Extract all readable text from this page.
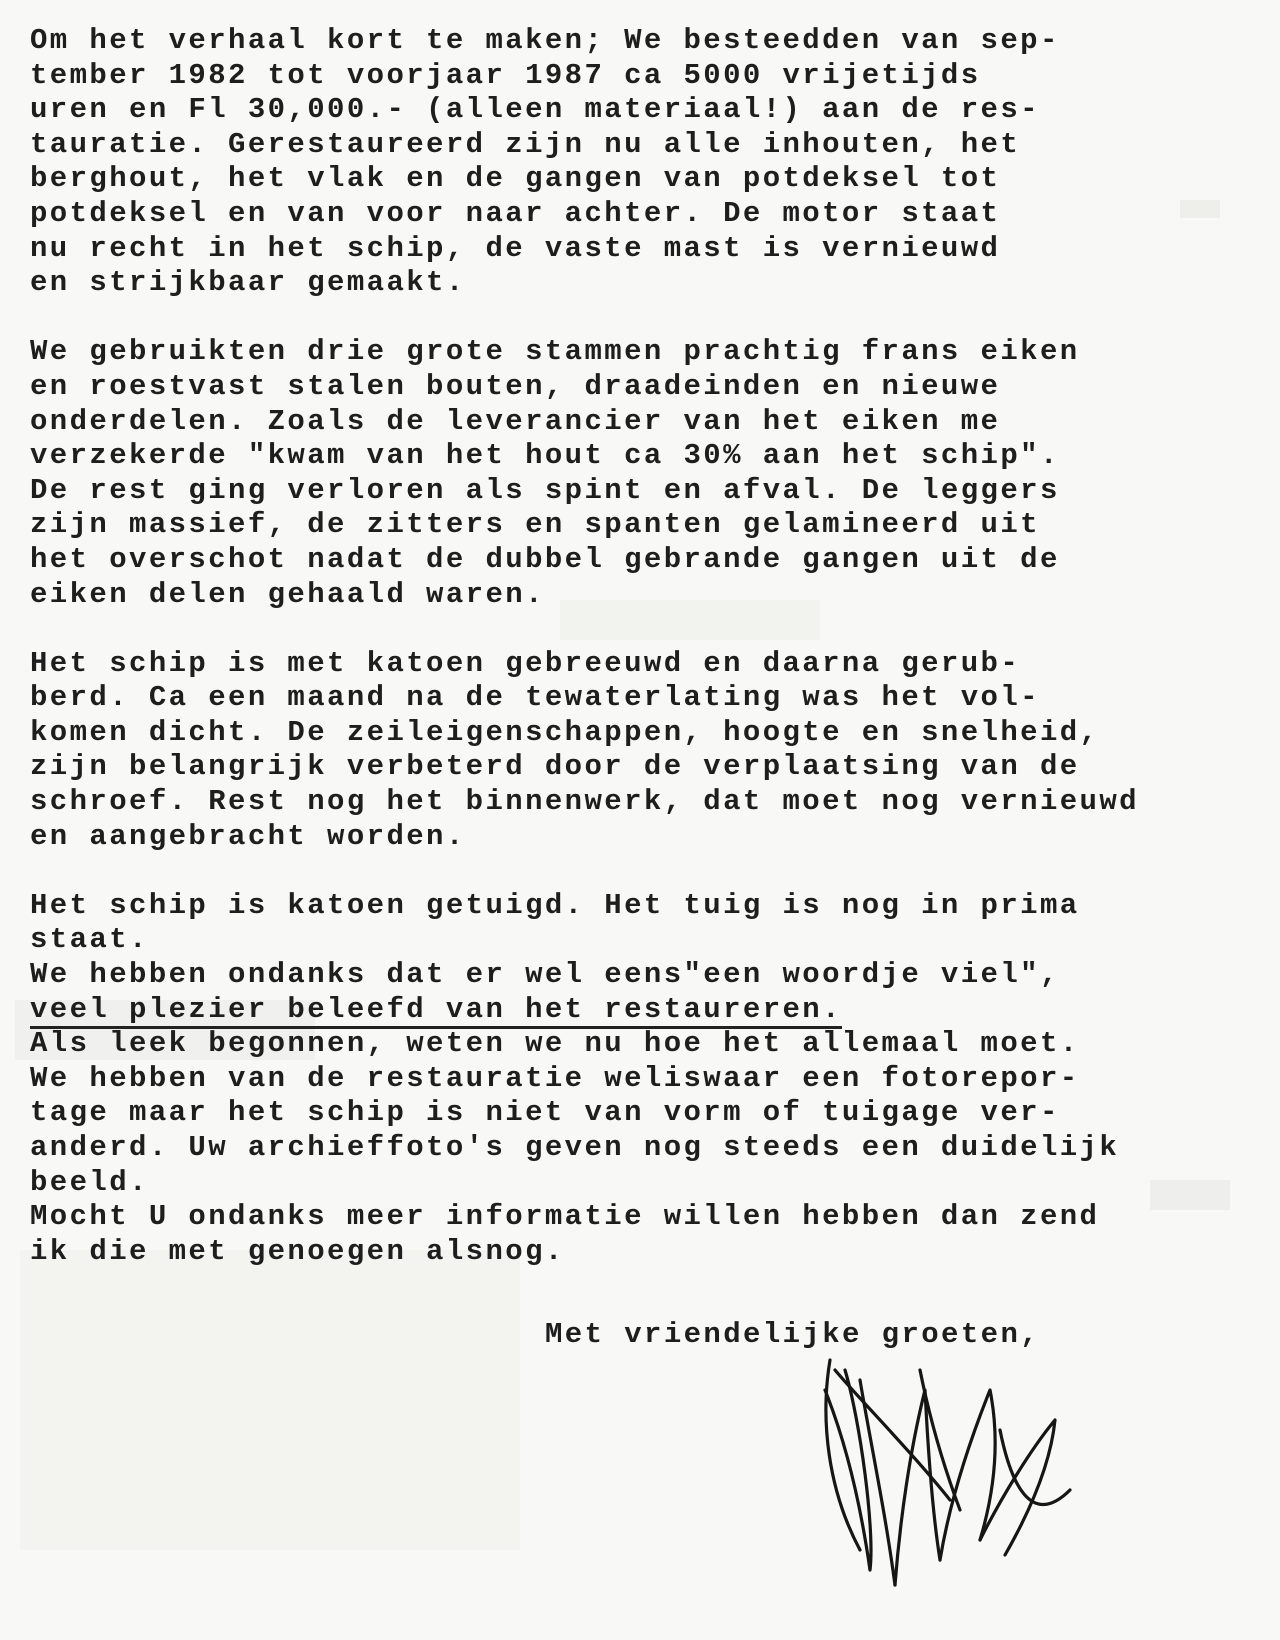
Om het verhaal kort te maken; We besteedden van sep-
tember 1982 tot voorjaar 1987 ca 5000 vrijetijds
uren en Fl 30,000.- (alleen materiaal!) aan de res-
tauratie. Gerestaureerd zijn nu alle inhouten, het
berghout, het vlak en de gangen van potdeksel tot
potdeksel en van voor naar achter. De motor staat
nu recht in het schip, de vaste mast is vernieuwd
en strijkbaar gemaakt.
We gebruikten drie grote stammen prachtig frans eiken
en roestvast stalen bouten, draadeinden en nieuwe
onderdelen. Zoals de leverancier van het eiken me
verzekerde "kwam van het hout ca 30% aan het schip".
De rest ging verloren als spint en afval. De leggers
zijn massief, de zitters en spanten gelamineerd uit
het overschot nadat de dubbel gebrande gangen uit de
eiken delen gehaald waren.
Het schip is met katoen gebreeuwd en daarna gerub-
berd. Ca een maand na de tewaterlating was het vol-
komen dicht. De zeileigenschappen, hoogte en snelheid,
zijn belangrijk verbeterd door de verplaatsing van de
schroef. Rest nog het binnenwerk, dat moet nog vernieuwd
en aangebracht worden.
Het schip is katoen getuigd. Het tuig is nog in prima
staat.
We hebben ondanks dat er wel eens"een woordje viel",
veel plezier beleefd van het restaureren.
Als leek begonnen, weten we nu hoe het allemaal moet.
We hebben van de restauratie weliswaar een fotorepor-
tage maar het schip is niet van vorm of tuigage ver-
anderd. Uw archieffoto's geven nog steeds een duidelijk
beeld.
Mocht U ondanks meer informatie willen hebben dan zend
ik die met genoegen alsnog.
Met vriendelijke groeten,
